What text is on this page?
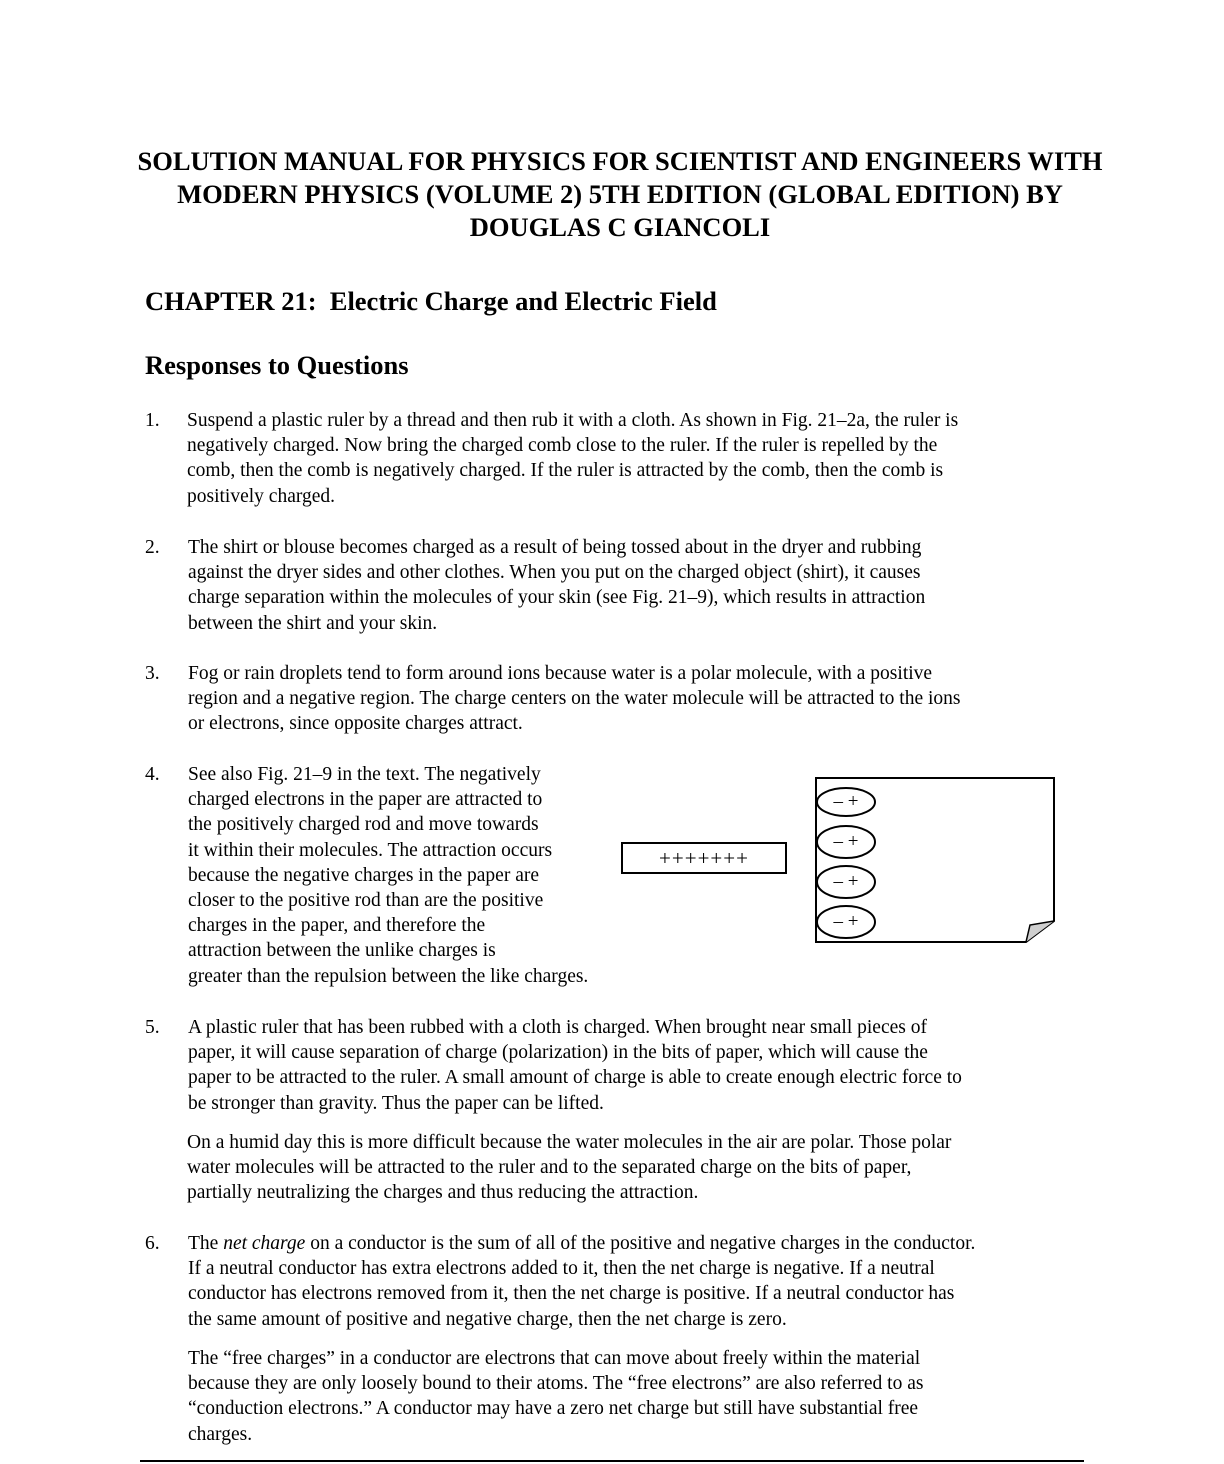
SOLUTION MANUAL FOR PHYSICS FOR SCIENTIST AND ENGINEERS WITH
MODERN PHYSICS (VOLUME 2) 5TH EDITION (GLOBAL EDITION) BY
DOUGLAS C GIANCOLI
CHAPTER 21:  Electric Charge and Electric Field
Responses to Questions
1. Suspend a plastic ruler by a thread and then rub it with a cloth. As shown in Fig. 21–2a, the ruler is
negatively charged. Now bring the charged comb close to the ruler. If the ruler is repelled by the
comb, then the comb is negatively charged. If the ruler is attracted by the comb, then the comb is
positively charged.
2. The shirt or blouse becomes charged as a result of being tossed about in the dryer and rubbing
against the dryer sides and other clothes. When you put on the charged object (shirt), it causes
charge separation within the molecules of your skin (see Fig. 21–9), which results in attraction
between the shirt and your skin.
3. Fog or rain droplets tend to form around ions because water is a polar molecule, with a positive
region and a negative region. The charge centers on the water molecule will be attracted to the ions
or electrons, since opposite charges attract.
4. See also Fig. 21–9 in the text. The negatively
charged electrons in the paper are attracted to
the positively charged rod and move towards
it within their molecules. The attraction occurs
because the negative charges in the paper are
closer to the positive rod than are the positive
charges in the paper, and therefore the
attraction between the unlike charges is
greater than the repulsion between the like charges.
+++++++
– +
– +
– +
– +
5. A plastic ruler that has been rubbed with a cloth is charged. When brought near small pieces of
paper, it will cause separation of charge (polarization) in the bits of paper, which will cause the
paper to be attracted to the ruler. A small amount of charge is able to create enough electric force to
be stronger than gravity. Thus the paper can be lifted.
On a humid day this is more difficult because the water molecules in the air are polar. Those polar
water molecules will be attracted to the ruler and to the separated charge on the bits of paper,
partially neutralizing the charges and thus reducing the attraction.
6. The net charge on a conductor is the sum of all of the positive and negative charges in the conductor.
If a neutral conductor has extra electrons added to it, then the net charge is negative. If a neutral
conductor has electrons removed from it, then the net charge is positive. If a neutral conductor has
the same amount of positive and negative charge, then the net charge is zero.
The “free charges” in a conductor are electrons that can move about freely within the material
because they are only loosely bound to their atoms. The “free electrons” are also referred to as
“conduction electrons.” A conductor may have a zero net charge but still have substantial free
charges.
